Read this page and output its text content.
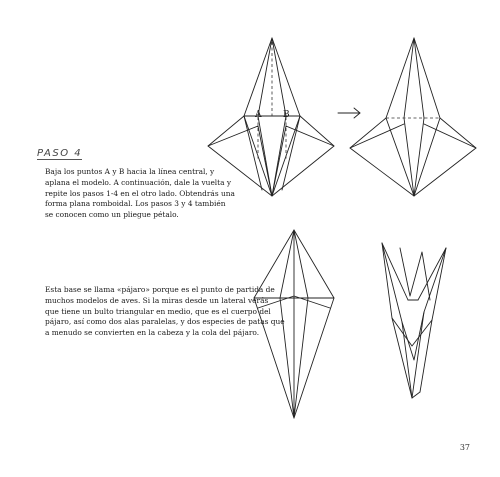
PASO 4
Baja los puntos A y B hacia la línea central, y
aplana el modelo. A continuación, dale la vuelta y
repite los pasos 1-4 en el otro lado. Obtendrás una
forma plana romboidal. Los pasos 3 y 4 también
se conocen como un pliegue pétalo.
Esta base se llama «pájaro» porque es el punto de partida de
muchos modelos de aves. Si la miras desde un lateral verás
que tiene un bulto triangular en medio, que es el cuerpo del
pájaro, así como dos alas paralelas, y dos especies de patas que
a menudo se convierten en la cabeza y la cola del pájaro.
A B
37
